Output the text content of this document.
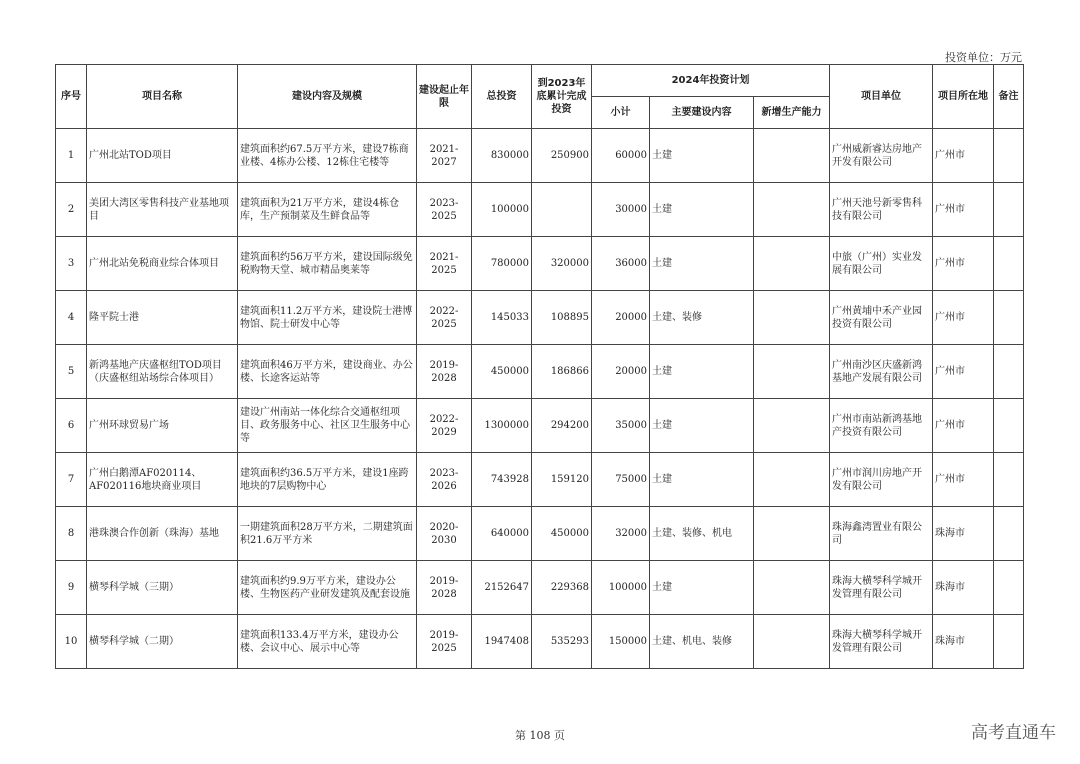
投资单位：万元
序号	项目名称	建设内容及规模	建设起止年限	总投资	到2023年底累计完成投资	2024年投资计划			项目单位	项目所在地	备注
						小计	主要建设内容	新增生产能力			
1	广州北站TOD项目	建筑面积约67.5万平方米，建设7栋商业楼、4栋办公楼、12栋住宅楼等	2021-2027	830000	250900	60000	土建		广州威新睿达房地产开发有限公司	广州市	
2	美团大湾区零售科技产业基地项目	建筑面积为21万平方米，建设4栋仓库，生产预制菜及生鲜食品等	2023-2025	100000		30000	土建		广州天池号新零售科技有限公司	广州市	
3	广州北站免税商业综合体项目	建筑面积约56万平方米，建设国际级免税购物天堂、城市精品奥莱等	2021-2025	780000	320000	36000	土建		中旅（广州）实业发展有限公司	广州市	
4	隆平院士港	建筑面积11.2万平方米，建设院士港博物馆、院士研发中心等	2022-2025	145033	108895	20000	土建、装修		广州黄埔中禾产业园投资有限公司	广州市	
5	新鸿基地产庆盛枢纽TOD项目（庆盛枢纽站场综合体项目）	建筑面积46万平方米，建设商业、办公楼、长途客运站等	2019-2028	450000	186866	20000	土建		广州南沙区庆盛新鸿基地产发展有限公司	广州市	
6	广州环球贸易广场	建设广州南站一体化综合交通枢纽项目、政务服务中心、社区卫生服务中心等	2022-2029	1300000	294200	35000	土建		广州市南站新鸿基地产投资有限公司	广州市	
7	广州白鹅潭AF020114、AF020116地块商业项目	建筑面积约36.5万平方米，建设1座跨地块的7层购物中心	2023-2026	743928	159120	75000	土建		广州市润川房地产开发有限公司	广州市	
8	港珠澳合作创新（珠海）基地	一期建筑面积28万平方米，二期建筑面积21.6万平方米	2020-2030	640000	450000	32000	土建、装修、机电		珠海鑫湾置业有限公司	珠海市	
9	横琴科学城（三期）	建筑面积约9.9万平方米，建设办公楼、生物医药产业研发建筑及配套设施	2019-2028	2152647	229368	100000	土建		珠海大横琴科学城开发管理有限公司	珠海市	
10	横琴科学城（二期）	建筑面积133.4万平方米，建设办公楼、会议中心、展示中心等	2019-2025	1947408	535293	150000	土建、机电、装修		珠海大横琴科学城开发管理有限公司	珠海市	
第 108 页	高考直通车
